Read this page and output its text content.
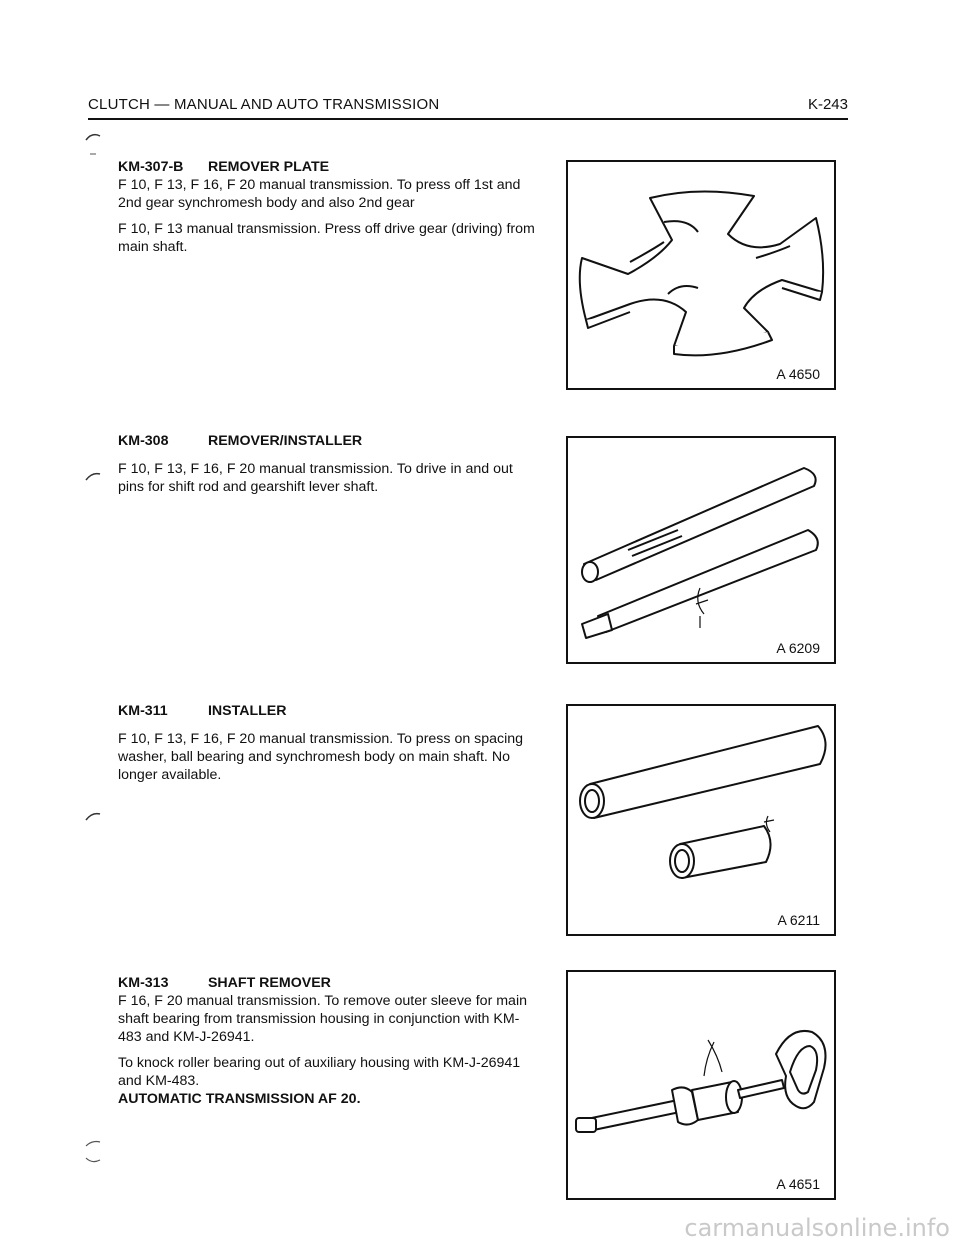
CLUTCH — MANUAL AND AUTO TRANSMISSION	K-243
KM-307-B REMOVER PLATE

F 10, F 13, F 16, F 20 manual transmission. To press off 1st and 2nd gear synchromesh body and also 2nd gear

F 10, F 13 manual transmission. Press off drive gear (driving) from main shaft.

KM-308	REMOVER/INSTALLER

F 10, F 13, F 16, F 20 manual transmission. To drive in and out pins for shift rod and gearshift lever shaft.

KM-311	INSTALLER

F 10, F 13, F 16, F 20 manual transmission. To press on spacing washer, ball bearing and synchromesh body on main shaft. No longer available.

KM-313	SHAFT REMOVER

F 16, F 20 manual transmission. To remove outer sleeve for main shaft bearing from transmission housing in conjunction with KM-483 and KM-J-26941.

To knock roller bearing out of auxiliary housing with KM-J-26941 and KM-483.

AUTOMATIC TRANSMISSION AF 20.
A 4650
A 6209
A 6211
A 4651
carmanualsonline.info
